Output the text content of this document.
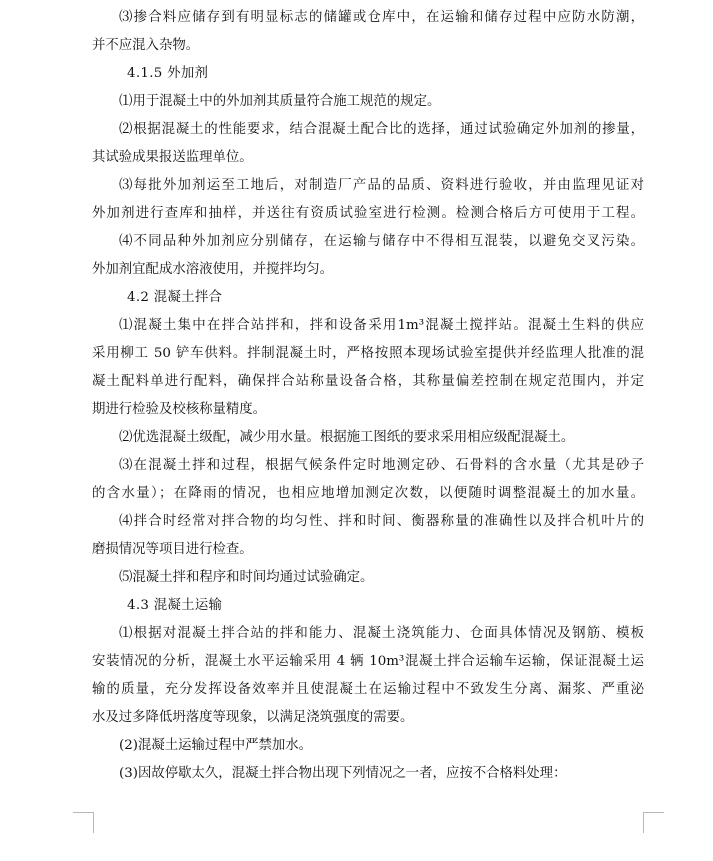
⑶掺合料应储存到有明显标志的储罐或仓库中，在运输和储存过程中应防水防潮，
并不应混入杂物。
4.1.5 外加剂
⑴用于混凝土中的外加剂其质量符合施工规范的规定。
⑵根据混凝土的性能要求，结合混凝土配合比的选择，通过试验确定外加剂的掺量，
其试验成果报送监理单位。
⑶每批外加剂运至工地后，对制造厂产品的品质、资料进行验收，并由监理见证对
外加剂进行查库和抽样，并送往有资质试验室进行检测。检测合格后方可使用于工程。
⑷不同品种外加剂应分别储存，在运输与储存中不得相互混装，以避免交叉污染。
外加剂宜配成水溶液使用，并搅拌均匀。
4.2 混凝土拌合
⑴混凝土集中在拌合站拌和，拌和设备采用1m³混凝土搅拌站。混凝土生料的供应
采用柳工 50 铲车供料。拌制混凝土时，严格按照本现场试验室提供并经监理人批准的混
凝土配料单进行配料，确保拌合站称量设备合格，其称量偏差控制在规定范围内，并定
期进行检验及校核称量精度。
⑵优选混凝土级配，减少用水量。根据施工图纸的要求采用相应级配混凝土。
⑶在混凝土拌和过程，根据气候条件定时地测定砂、石骨料的含水量（尤其是砂子
的含水量）；在降雨的情况，也相应地增加测定次数，以便随时调整混凝土的加水量。
⑷拌合时经常对拌合物的均匀性、拌和时间、衡器称量的准确性以及拌合机叶片的
磨损情况等项目进行检查。
⑸混凝土拌和程序和时间均通过试验确定。
4.3 混凝土运输
⑴根据对混凝土拌合站的拌和能力、混凝土浇筑能力、仓面具体情况及钢筋、模板
安装情况的分析，混凝土水平运输采用 4 辆 10m³混凝土拌合运输车运输，保证混凝土运
输的质量，充分发挥设备效率并且使混凝土在运输过程中不致发生分离、漏浆、严重泌
水及过多降低坍落度等现象，以满足浇筑强度的需要。
(2)混凝土运输过程中严禁加水。
(3)因故停歇太久，混凝土拌合物出现下列情况之一者，应按不合格料处理：
